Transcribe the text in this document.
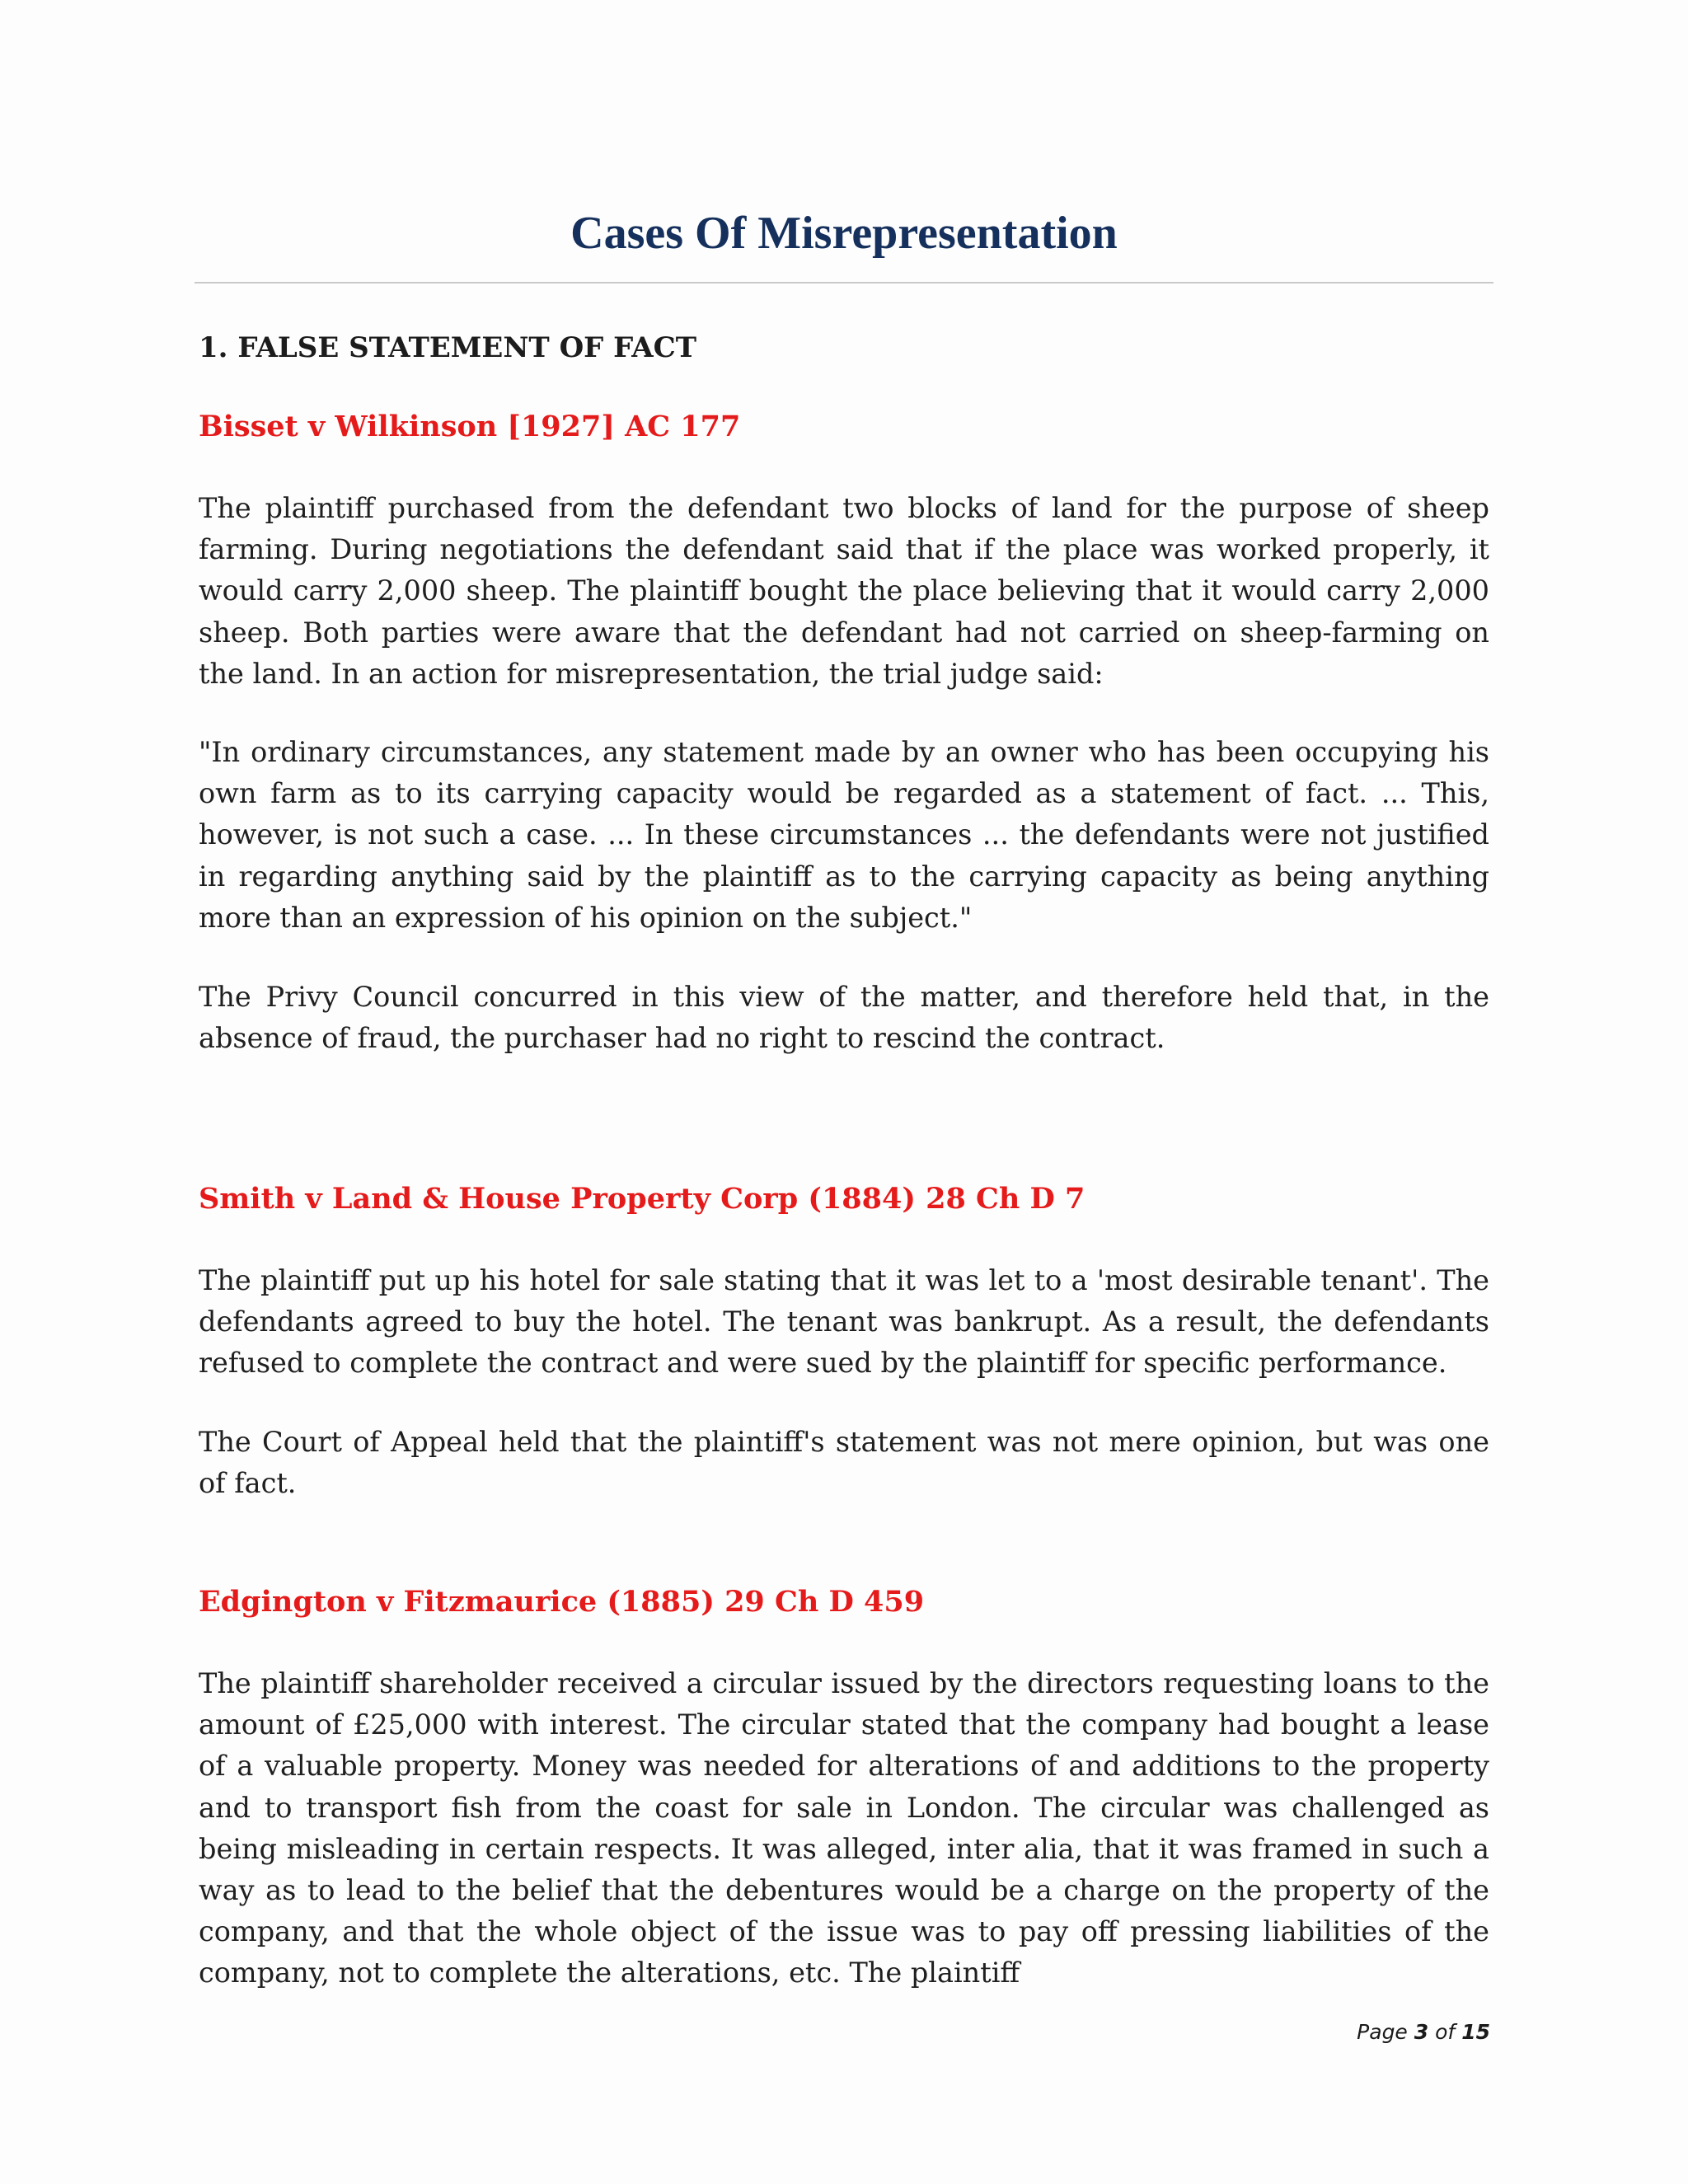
Cases Of Misrepresentation
1. FALSE STATEMENT OF FACT
Bisset v Wilkinson [1927] AC 177

The plaintiff purchased from the defendant two blocks of land for the purpose of sheep farming. During negotiations the defendant said that if the place was worked properly, it would carry 2,000 sheep. The plaintiff bought the place believing that it would carry 2,000 sheep. Both parties were aware that the defendant had not carried on sheep-farming on the land. In an action for misrepresentation, the trial judge said:

"In ordinary circumstances, any statement made by an owner who has been occupying his own farm as to its carrying capacity would be regarded as a statement of fact. ... This, however, is not such a case. ... In these circumstances ... the defendants were not justified in regarding anything said by the plaintiff as to the carrying capacity as being anything more than an expression of his opinion on the subject."

The Privy Council concurred in this view of the matter, and therefore held that, in the absence of fraud, the purchaser had no right to rescind the contract.

Smith v Land & House Property Corp (1884) 28 Ch D 7

The plaintiff put up his hotel for sale stating that it was let to a 'most desirable tenant'. The defendants agreed to buy the hotel. The tenant was bankrupt. As a result, the defendants refused to complete the contract and were sued by the plaintiff for specific performance.

The Court of Appeal held that the plaintiff's statement was not mere opinion, but was one of fact.

Edgington v Fitzmaurice (1885) 29 Ch D 459

The plaintiff shareholder received a circular issued by the directors requesting loans to the amount of £25,000 with interest. The circular stated that the company had bought a lease of a valuable property. Money was needed for alterations of and additions to the property and to transport fish from the coast for sale in London. The circular was challenged as being misleading in certain respects. It was alleged, inter alia, that it was framed in such a way as to lead to the belief that the debentures would be a charge on the property of the company, and that the whole object of the issue was to pay off pressing liabilities of the company, not to complete the alterations, etc. The plaintiff

Page 3 of 15
